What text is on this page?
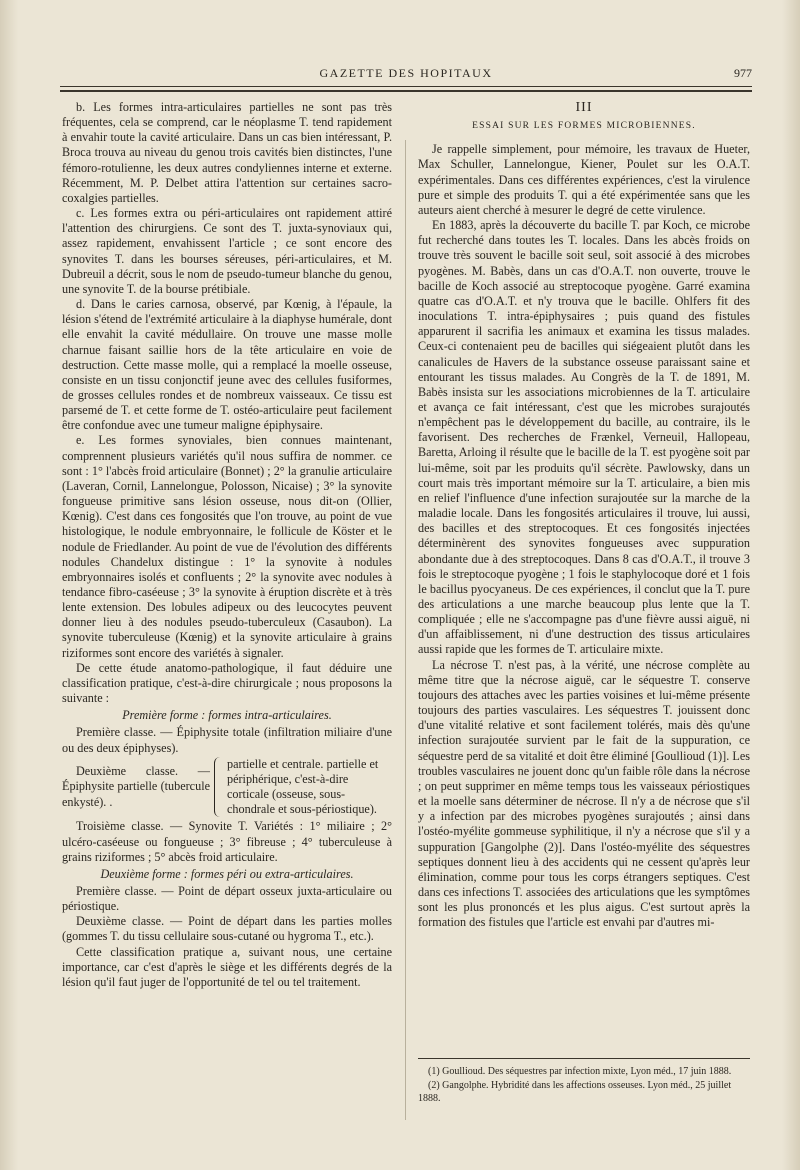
GAZETTE DES HOPITAUX	977

b. Les formes intra-articulaires partielles ne sont pas très fréquentes, cela se comprend, car le néoplasme T. tend rapidement à envahir toute la cavité articulaire. Dans un cas bien intéressant, P. Broca trouva au niveau du genou trois cavités bien distinctes, l'une fémoro-rotulienne, les deux autres condyliennes interne et externe. Récemment, M. P. Delbet attira l'attention sur certaines sacro-coxalgies partielles.

c. Les formes extra ou péri-articulaires ont rapidement attiré l'attention des chirurgiens. Ce sont des T. juxta-synoviaux qui, assez rapidement, envahissent l'article ; ce sont encore des synovites T. dans les bourses séreuses, péri-articulaires, et M. Dubreuil a décrit, sous le nom de pseudo-tumeur blanche du genou, une synovite T. de la bourse prétibiale.

d. Dans le caries carnosa, observé, par Kœnig, à l'épaule, la lésion s'étend de l'extrémité articulaire à la diaphyse humérale, dont elle envahit la cavité médullaire. On trouve une masse molle charnue faisant saillie hors de la tête articulaire en voie de destruction. Cette masse molle, qui a remplacé la moelle osseuse, consiste en un tissu conjonctif jeune avec des cellules fusiformes, de grosses cellules rondes et de nombreux vaisseaux. Ce tissu est parsemé de T. et cette forme de T. ostéo-articulaire peut facilement être confondue avec une tumeur maligne épiphysaire.

e. Les formes synoviales, bien connues maintenant, comprennent plusieurs variétés qu'il nous suffira de nommer. ce sont : 1° l'abcès froid articulaire (Bonnet) ; 2° la granulie articulaire (Laveran, Cornil, Lannelongue, Polosson, Nicaise) ; 3° la synovite fongueuse primitive sans lésion osseuse, nous dit-on (Ollier, Kœnig). C'est dans ces fongosités que l'on trouve, au point de vue histologique, le nodule embryonnaire, le follicule de Köster et le nodule de Friedlander. Au point de vue de l'évolution des différents nodules Chandelux distingue : 1° la synovite à nodules embryonnaires isolés et confluents ; 2° la synovite avec nodules à tendance fibro-caséeuse ; 3° la synovite à éruption discrète et à très lente extension. Des lobules adipeux ou des leucocytes peuvent donner lieu à des nodules pseudo-tuberculeux (Casaubon). La synovite tuberculeuse (Kœnig) et la synovite articulaire à grains riziformes sont encore des variétés à signaler.

De cette étude anatomo-pathologique, il faut déduire une classification pratique, c'est-à-dire chirurgicale ; nous proposons la suivante :

Première forme : formes intra-articulaires.

Première classe. — Épiphysite totale (infiltration miliaire d'une ou des deux épiphyses).

Deuxième classe. — Épiphysite partielle (tubercule enkysté). .
partielle et centrale. partielle et périphérique, c'est-à-dire corticale (osseuse, sous-chondrale et sous-périostique).

Troisième classe. — Synovite T. Variétés : 1° miliaire ; 2° ulcéro-caséeuse ou fongueuse ; 3° fibreuse ; 4° tuberculeuse à grains riziformes ; 5° abcès froid articulaire.

Deuxième forme : formes péri ou extra-articulaires.

Première classe. — Point de départ osseux juxta-articulaire ou périostique.

Deuxième classe. — Point de départ dans les parties molles (gommes T. du tissu cellulaire sous-cutané ou hygroma T., etc.).

Cette classification pratique a, suivant nous, une certaine importance, car c'est d'après le siège et les différents degrés de la lésion qu'il faut juger de l'opportunité de tel ou tel traitement.

III
ESSAI SUR LES FORMES MICROBIENNES.

Je rappelle simplement, pour mémoire, les travaux de Hueter, Max Schuller, Lannelongue, Kiener, Poulet sur les O.A.T. expérimentales. Dans ces différentes expériences, c'est la virulence pure et simple des produits T. qui a été expérimentée sans que les auteurs aient cherché à mesurer le degré de cette virulence.

En 1883, après la découverte du bacille T. par Koch, ce microbe fut recherché dans toutes les T. locales. Dans les abcès froids on trouve très souvent le bacille soit seul, soit associé à des microbes pyogènes. M. Babès, dans un cas d'O.A.T. non ouverte, trouve le bacille de Koch associé au streptocoque pyogène. Garré examina quatre cas d'O.A.T. et n'y trouva que le bacille. Ohlfers fit des inoculations T. intra-épiphysaires ; puis quand des fistules apparurent il sacrifia les animaux et examina les tissus malades. Ceux-ci contenaient peu de bacilles qui siégeaient plutôt dans les canalicules de Havers de la substance osseuse paraissant saine et entourant les tissus malades. Au Congrès de la T. de 1891, M. Babès insista sur les associations microbiennes de la T. articulaire et avança ce fait intéressant, c'est que les microbes surajoutés n'empêchent pas le développement du bacille, au contraire, ils le favorisent. Des recherches de Frænkel, Verneuil, Hallopeau, Baretta, Arloing il résulte que le bacille de la T. est pyogène soit par lui-même, soit par les produits qu'il sécrète. Pawlowsky, dans un court mais très important mémoire sur la T. articulaire, a bien mis en relief l'influence d'une infection surajoutée sur la marche de la maladie locale. Dans les fongosités articulaires il trouve, lui aussi, des bacilles et des streptocoques. Et ces fongosités injectées déterminèrent des synovites fongueuses avec suppuration abondante due à des streptocoques. Dans 8 cas d'O.A.T., il trouve 3 fois le streptocoque pyogène ; 1 fois le staphylocoque doré et 1 fois le bacillus pyocyaneus. De ces expériences, il conclut que la T. pure des articulations a une marche beaucoup plus lente que la T. compliquée ; elle ne s'accompagne pas d'une fièvre aussi aiguë, ni d'un affaiblissement, ni d'une destruction des tissus articulaires aussi rapide que les formes de T. articulaire mixte.

La nécrose T. n'est pas, à la vérité, une nécrose complète au même titre que la nécrose aiguë, car le séquestre T. conserve toujours des attaches avec les parties voisines et lui-même présente toujours des parties vasculaires. Les séquestres T. jouissent donc d'une vitalité relative et sont facilement tolérés, mais dès qu'une infection surajoutée survient par le fait de la suppuration, ce séquestre perd de sa vitalité et doit être éliminé [Goullioud (1)]. Les troubles vasculaires ne jouent donc qu'un faible rôle dans la nécrose ; on peut supprimer en même temps tous les vaisseaux périostiques et la moelle sans déterminer de nécrose. Il n'y a de nécrose que s'il y a infection par des microbes pyogènes surajoutés ; ainsi dans l'ostéo-myélite gommeuse syphilitique, il n'y a nécrose que s'il y a suppuration [Gangolphe (2)]. Dans l'ostéo-myélite des séquestres septiques donnent lieu à des accidents qui ne cessent qu'après leur élimination, comme pour tous les corps étrangers septiques. C'est dans ces infections T. associées des articulations que les symptômes sont les plus prononcés et les plus aigus. C'est surtout après la formation des fistules que l'article est envahi par d'autres mi-

(1) Goullioud. Des séquestres par infection mixte, Lyon méd., 17 juin 1888.

(2) Gangolphe. Hybridité dans les affections osseuses. Lyon méd., 25 juillet 1888.
